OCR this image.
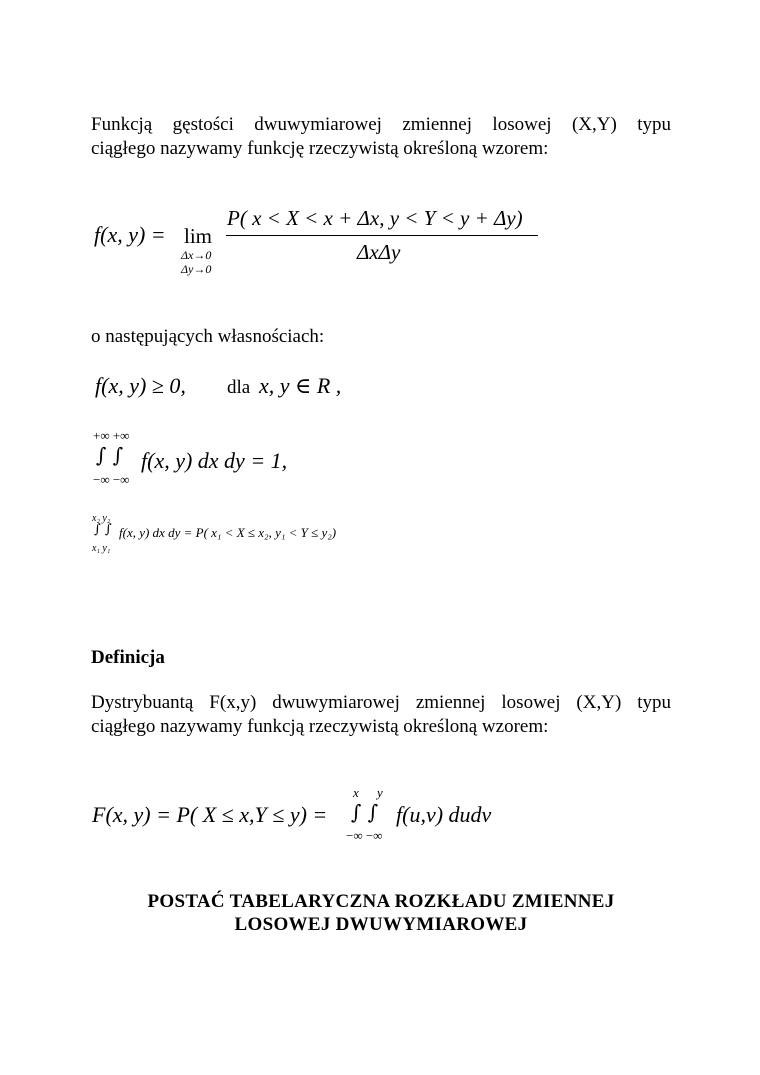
Funkcją gęstości dwuwymiarowej zmiennej losowej (X,Y) typu
ciągłego nazywamy funkcję rzeczywistą określoną wzorem:
f(x, y) = lim
Δx→0
Δy→0
P( x < X < x + Δx, y < Y < y + Δy)
ΔxΔy
o następujących własnościach:
f(x, y) ≥ 0, dla x, y ∈ R ,
+∞ +∞
∫ ∫
−∞ −∞
f(x, y) dx dy = 1,
x₂ y₂
∫ ∫
x₁ y₁
f(x, y) dx dy = P( x₁ < X ≤ x₂, y₁ < Y ≤ y₂)
Definicja
Dystrybuantą F(x,y) dwuwymiarowej zmiennej losowej (X,Y) typu
ciągłego nazywamy funkcją rzeczywistą określoną wzorem:
F(x, y) = P( X ≤ x,Y ≤ y) =
x y
∫ ∫
−∞ −∞
f(u,v) dudv
POSTAĆ TABELARYCZNA ROZKŁADU ZMIENNEJ
LOSOWEJ DWUWYMIAROWEJ
